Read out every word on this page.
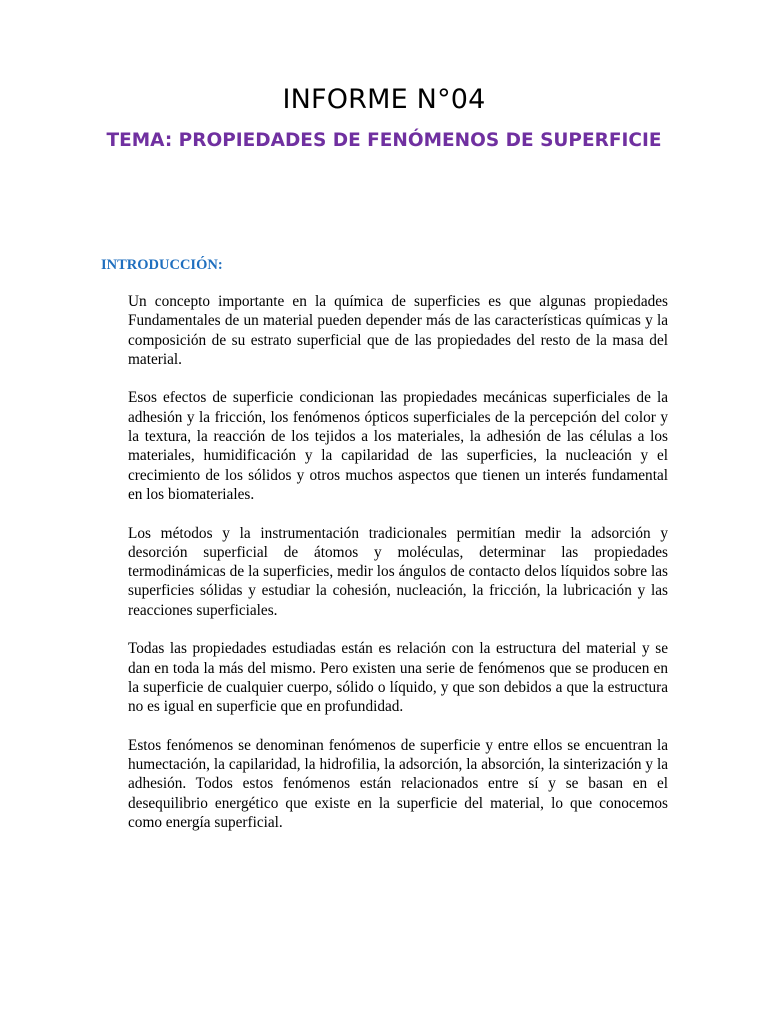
INFORME N°04
TEMA: PROPIEDADES DE FENÓMENOS DE SUPERFICIE
INTRODUCCIÓN:

Un concepto importante en la química de superficies es que algunas propiedades Fundamentales de un material pueden depender más de las características químicas y la composición de su estrato superficial que de las propiedades del resto de la masa del material.

Esos efectos de superficie condicionan las propiedades mecánicas superficiales de la adhesión y la fricción, los fenómenos ópticos superficiales de la percepción del color y la textura, la reacción de los tejidos a los materiales, la adhesión de las células a los materiales, humidificación y la capilaridad de las superficies, la nucleación y el crecimiento de los sólidos y otros muchos aspectos que tienen un interés fundamental en los biomateriales.

Los métodos y la instrumentación tradicionales permitían medir la adsorción y desorción superficial de átomos y moléculas, determinar las propiedades termodinámicas de la superficies, medir los ángulos de contacto delos líquidos sobre las superficies sólidas y estudiar la cohesión, nucleación, la fricción, la lubricación y las reacciones superficiales.

Todas las propiedades estudiadas están es relación con la estructura del material y se dan en toda la más del mismo. Pero existen una serie de fenómenos que se producen en la superficie de cualquier cuerpo, sólido o líquido, y que son debidos a que la estructura no es igual en superficie que en profundidad.

Estos fenómenos se denominan fenómenos de superficie y entre ellos se encuentran la humectación, la capilaridad, la hidrofilia, la adsorción, la absorción, la sinterización y la adhesión. Todos estos fenómenos están relacionados entre sí y se basan en el desequilibrio energético que existe en la superficie del material, lo que conocemos como energía superficial.
